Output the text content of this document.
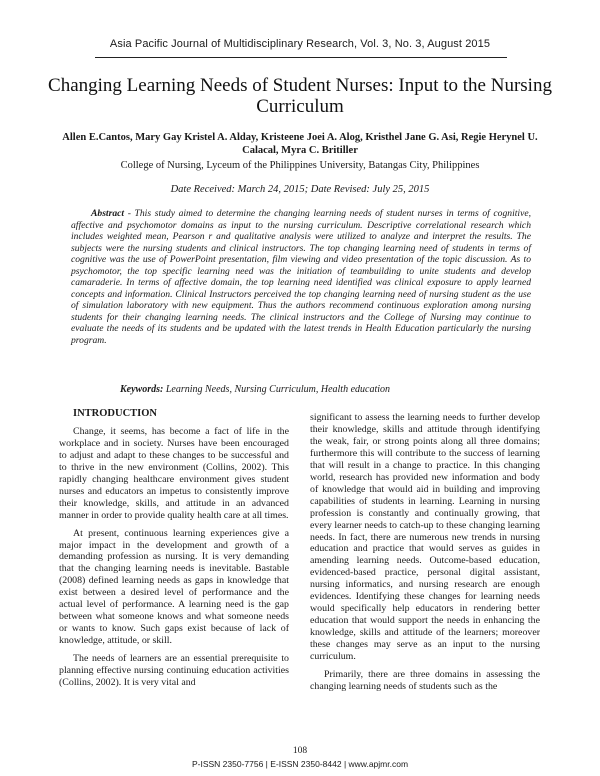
Asia Pacific Journal of Multidisciplinary Research, Vol. 3, No. 3, August 2015
Changing Learning Needs of Student Nurses: Input to the Nursing Curriculum
Allen E.Cantos, Mary Gay Kristel A. Alday, Kristeene Joei A. Alog, Kristhel Jane G. Asi, Regie Herynel U. Calacal, Myra C. Britiller
College of Nursing, Lyceum of the Philippines University, Batangas City, Philippines
Date Received: March 24, 2015; Date Revised: July 25, 2015
Abstract - This study aimed to determine the changing learning needs of student nurses in terms of cognitive, affective and psychomotor domains as input to the nursing curriculum. Descriptive correlational research which includes weighted mean, Pearson r and qualitative analysis were utilized to analyze and interpret the results. The subjects were the nursing students and clinical instructors. The top changing learning need of students in terms of cognitive was the use of PowerPoint presentation, film viewing and video presentation of the topic discussion. As to psychomotor, the top specific learning need was the initiation of teambuilding to unite students and develop camaraderie. In terms of affective domain, the top learning need identified was clinical exposure to apply learned concepts and information. Clinical Instructors perceived the top changing learning need of nursing student as the use of simulation laboratory with new equipment. Thus the authors recommend continuous exploration among nursing students for their changing learning needs. The clinical instructors and the College of Nursing may continue to evaluate the needs of its students and be updated with the latest trends in Health Education particularly the nursing program.
Keywords: Learning Needs, Nursing Curriculum, Health education

INTRODUCTION

Change, it seems, has become a fact of life in the workplace and in society. Nurses have been encouraged to adjust and adapt to these changes to be successful and to thrive in the new environment (Collins, 2002). This rapidly changing healthcare environment gives student nurses and educators an impetus to consistently improve their knowledge, skills, and attitude in an advanced manner in order to provide quality health care at all times.

At present, continuous learning experiences give a major impact in the development and growth of a demanding profession as nursing. It is very demanding that the changing learning needs is inevitable. Bastable (2008) defined learning needs as gaps in knowledge that exist between a desired level of performance and the actual level of performance. A learning need is the gap between what someone knows and what someone needs or wants to know. Such gaps exist because of lack of knowledge, attitude, or skill.

The needs of learners are an essential prerequisite to planning effective nursing continuing education activities (Collins, 2002). It is very vital and

significant to assess the learning needs to further develop their knowledge, skills and attitude through identifying the weak, fair, or strong points along all three domains; furthermore this will contribute to the success of learning that will result in a change to practice. In this changing world, research has provided new information and body of knowledge that would aid in building and improving capabilities of students in learning. Learning in nursing profession is constantly and continually growing, that every learner needs to catch-up to these changing learning needs. In fact, there are numerous new trends in nursing education and practice that would serves as guides in amending learning needs. Outcome-based education, evidenced-based practice, personal digital assistant, nursing informatics, and nursing research are enough evidences. Identifying these changes for learning needs would specifically help educators in rendering better education that would support the needs in enhancing the knowledge, skills and attitude of the learners; moreover these changes may serve as an input to the nursing curriculum.

Primarily, there are three domains in assessing the changing learning needs of students such as the

108
P-ISSN 2350-7756 | E-ISSN 2350-8442 | www.apjmr.com
